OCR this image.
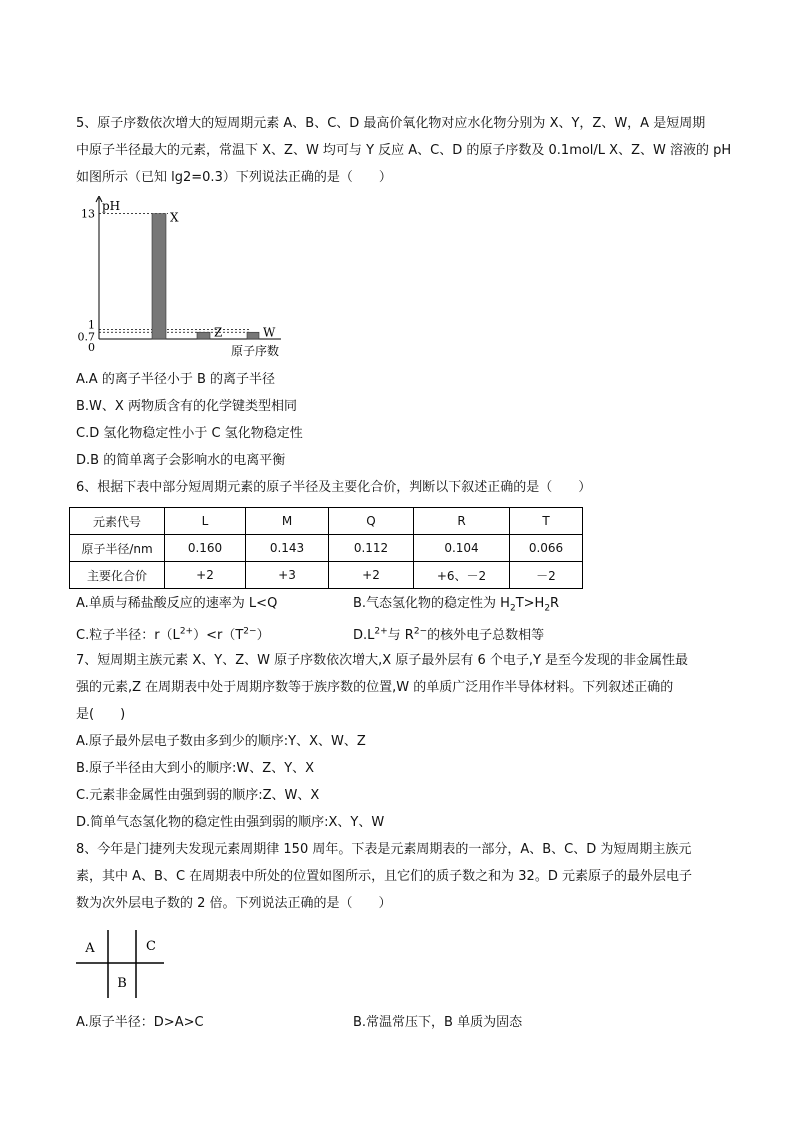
5、原子序数依次增大的短周期元素 A、B、C、D 最高价氧化物对应水化物分别为 X、Y，Z、W，A 是短周期
中原子半径最大的元素，常温下 X、Z、W 均可与 Y 反应 A、C、D 的原子序数及 0.1mol/L X、Z、W 溶液的 pH
如图所示（已知 lg2=0.3）下列说法正确的是（　　）
pH
原子序数
13
1
0.7
0
X
Z	W
A.A 的离子半径小于 B 的离子半径
B.W、X 两物质含有的化学键类型相同
C.D 氢化物稳定性小于 C 氢化物稳定性
D.B 的简单离子会影响水的电离平衡
6、根据下表中部分短周期元素的原子半径及主要化合价，判断以下叙述正确的是（　　）
元素代号	L	M	Q	R	T
原子半径/nm	0.160	0.143	0.112	0.104	0.066
主要化合价	+2	+3	+2	+6、－2	－2
A.单质与稀盐酸反应的速率为 L<Q	B.气态氢化物的稳定性为 $H_2T>H_2R$
C.粒子半径：$r(L^{2+})<r(T^{2-})$	$D.L^{2+}$与 $R^{2-}$的核外电子总数相等
7、短周期主族元素 X、Y、Z、W 原子序数依次增大,X 原子最外层有 6 个电子,Y 是至今发现的非金属性最
强的元素,Z 在周期表中处于周期序数等于族序数的位置,W 的单质广泛用作半导体材料。下列叙述正确的
是(　　)
A.原子最外层电子数由多到少的顺序:Y、X、W、Z
B.原子半径由大到小的顺序:W、Z、Y、X
C.元素非金属性由强到弱的顺序:Z、W、X
D.简单气态氢化物的稳定性由强到弱的顺序:X、Y、W
8、今年是门捷列夫发现元素周期律 150 周年。下表是元素周期表的一部分，A、B、C、D 为短周期主族元
素，其中 A、B、C 在周期表中所处的位置如图所示，且它们的质子数之和为 32。D 元素原子的最外层电子
数为次外层电子数的 2 倍。下列说法正确的是（　　）
A	C
B
A.原子半径：D>A>C	B.常温常压下，B 单质为固态
